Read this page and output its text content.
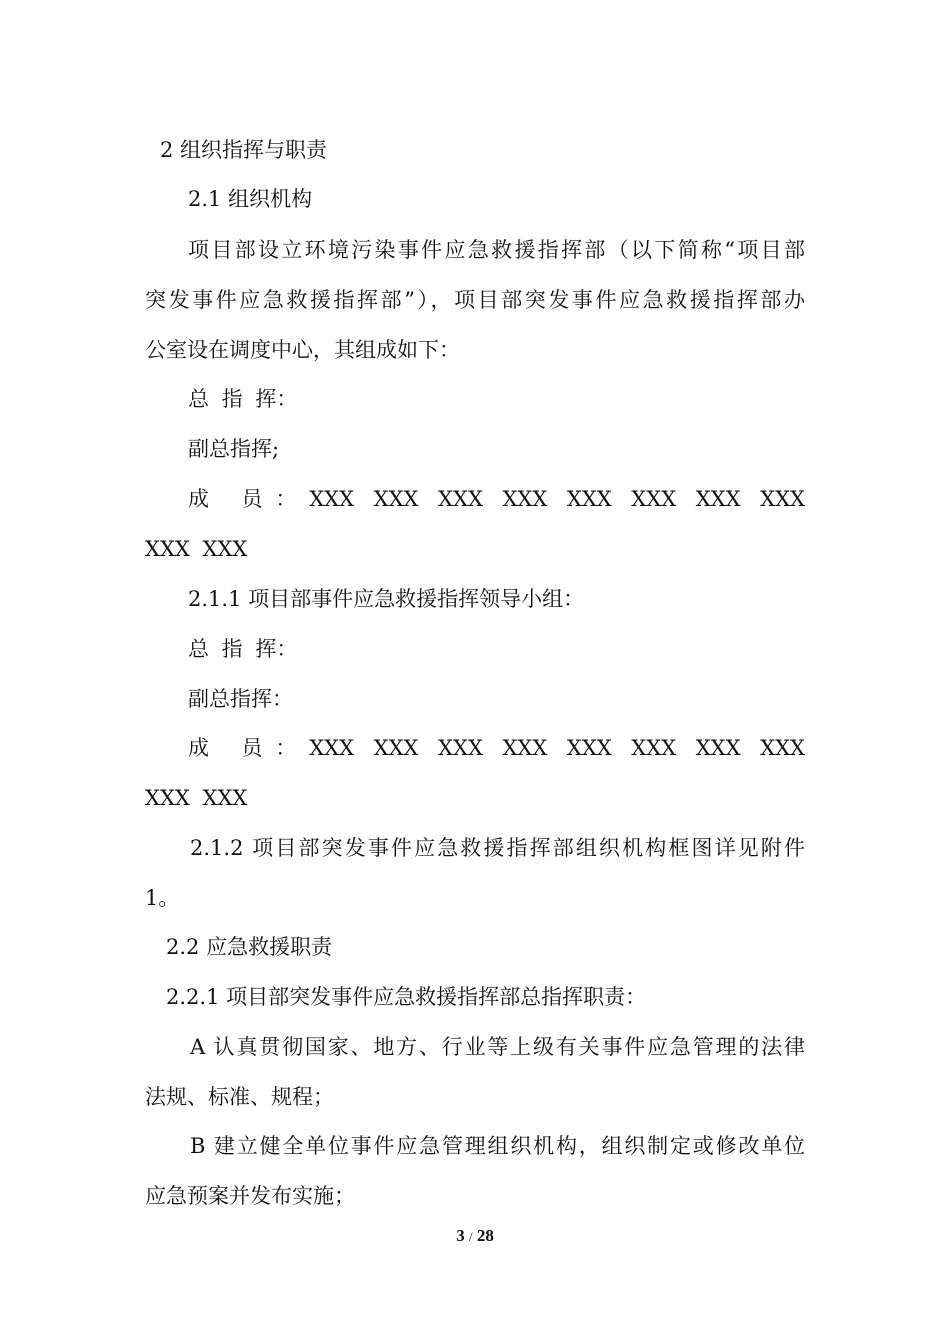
2 组织指挥与职责
2.1 组织机构
项目部设立环境污染事件应急救援指挥部（以下简称“项目部
突发事件应急救援指挥部”），项目部突发事件应急救援指挥部办
公室设在调度中心，其组成如下：
总 指 挥：
副总指挥;
成 员：XXX XXX XXX XXX XXX XXX XXX XXX
XXX XXX
2.1.1 项目部事件应急救援指挥领导小组：
总 指 挥：
副总指挥：
成 员：XXX XXX XXX XXX XXX XXX XXX XXX
XXX XXX
2.1.2 项目部突发事件应急救援指挥部组织机构框图详见附件
1。
2.2 应急救援职责
2.2.1 项目部突发事件应急救援指挥部总指挥职责：
A 认真贯彻国家、地方、行业等上级有关事件应急管理的法律
法规、标准、规程；
B 建立健全单位事件应急管理组织机构，组织制定或修改单位
应急预案并发布实施；
3 / 28
